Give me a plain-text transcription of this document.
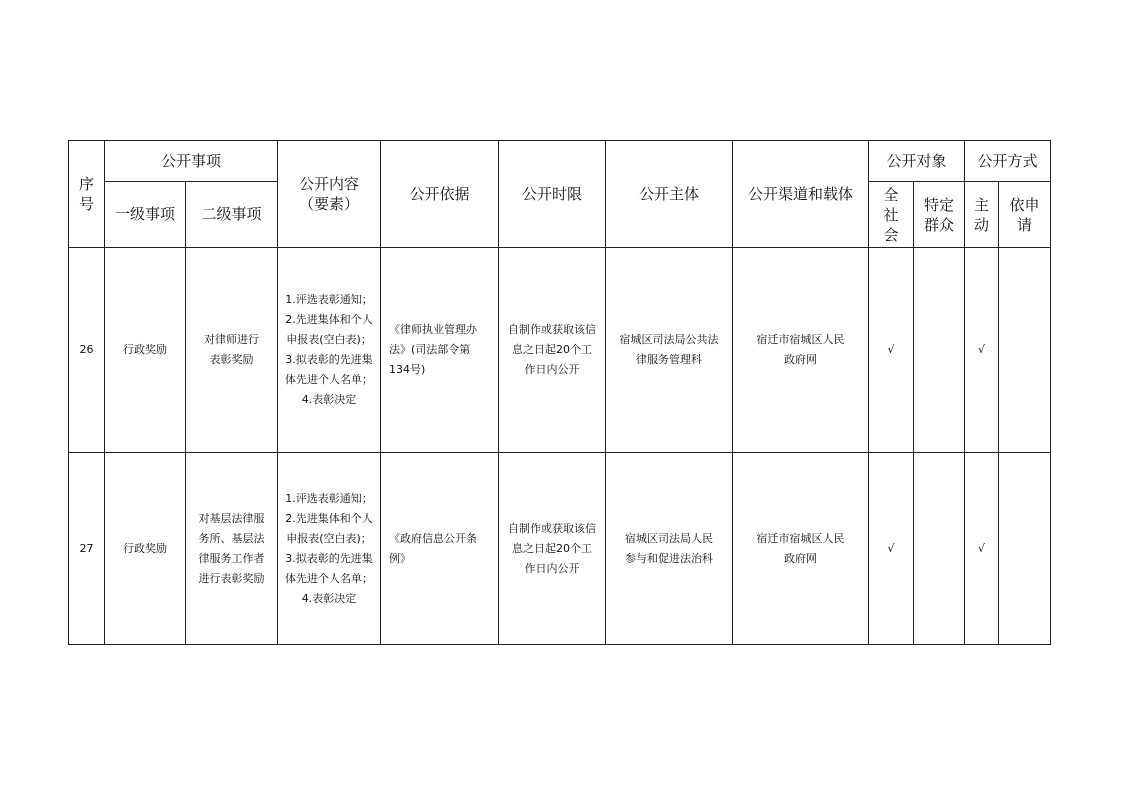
序号	公开事项		公开内容（要素）	公开依据	公开时限	公开主体	公开渠道和载体	公开对象		公开方式	
	一级事项	二级事项						全社会	特定群众	主动	依申请

26	行政奖励	对律师进行表彰奖励	1.评选表彰通知；2.先进集体和个人申报表(空白表)；3.拟表彰的先进集体先进个人名单；4.表彰决定	《律师执业管理办法》(司法部令第134号)	自制作或获取该信息之日起20个工作日内公开	宿城区司法局公共法律服务管理科	宿迁市宿城区人民政府网	√		√	

27	行政奖励	对基层法律服务所、基层法律服务工作者进行表彰奖励	1.评选表彰通知；2.先进集体和个人申报表(空白表)；3.拟表彰的先进集体先进个人名单；4.表彰决定	《政府信息公开条例》	自制作或获取该信息之日起20个工作日内公开	宿城区司法局人民参与和促进法治科	宿迁市宿城区人民政府网	√		√	
